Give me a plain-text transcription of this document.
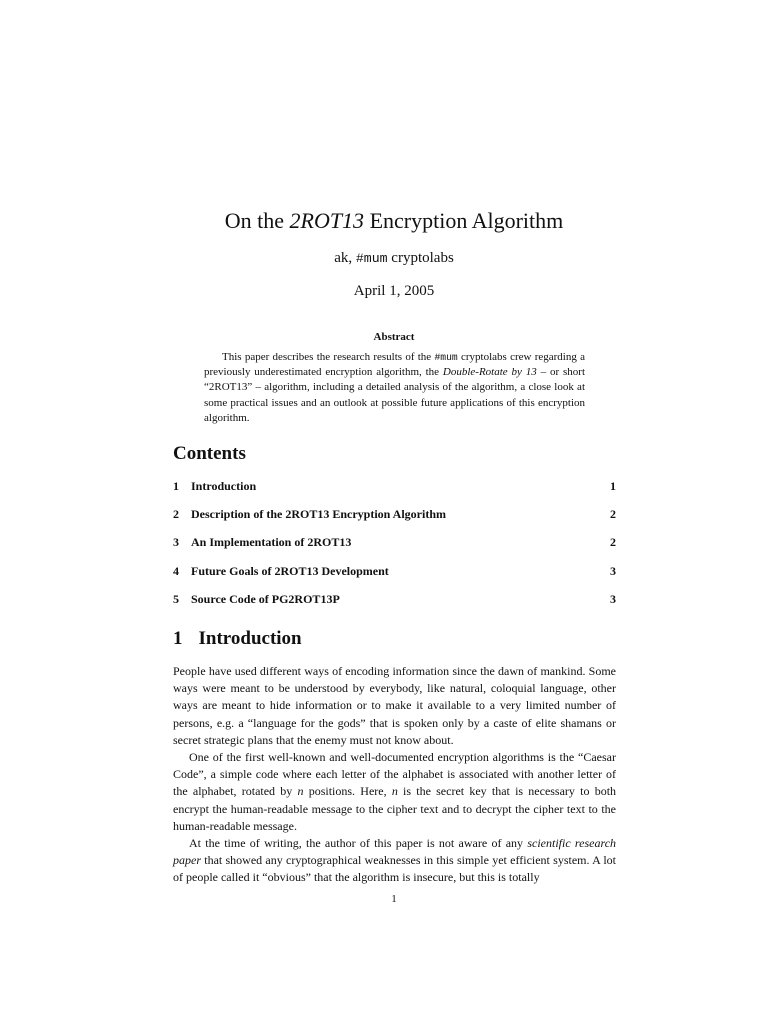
On the 2ROT13 Encryption Algorithm
ak, #mum cryptolabs
April 1, 2005
Abstract

This paper describes the research results of the #mum cryptolabs crew regarding a previously underestimated encryption algorithm, the Double-Rotate by 13 – or short “2ROT13” – algorithm, including a detailed analysis of the algorithm, a close look at some practical issues and an outlook at possible future applications of this encryption algorithm.

Contents
1	Introduction	1
2	Description of the 2ROT13 Encryption Algorithm	2
3	An Implementation of 2ROT13	2
4	Future Goals of 2ROT13 Development	3
5	Source Code of PG2ROT13P	3
1 Introduction

People have used different ways of encoding information since the dawn of mankind. Some ways were meant to be understood by everybody, like natural, coloquial language, other ways are meant to hide information or to make it available to a very limited number of persons, e.g. a “language for the gods” that is spoken only by a caste of elite shamans or secret strategic plans that the enemy must not know about.

One of the first well-known and well-documented encryption algorithms is the “Caesar Code”, a simple code where each letter of the alphabet is associated with another letter of the alphabet, rotated by n positions. Here, n is the secret key that is necessary to both encrypt the human-readable message to the cipher text and to decrypt the cipher text to the human-readable message.

At the time of writing, the author of this paper is not aware of any scientific research paper that showed any cryptographical weaknesses in this simple yet efficient system. A lot of people called it “obvious” that the algorithm is insecure, but this is totally

1
